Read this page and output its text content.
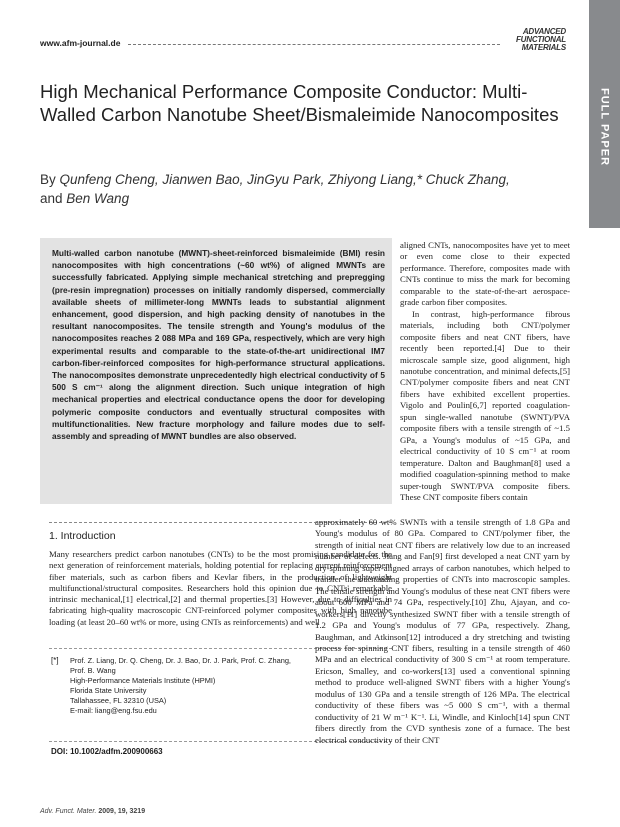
www.afm-journal.de
ADVANCED FUNCTIONAL MATERIALS
FULL PAPER
High Mechanical Performance Composite Conductor: Multi-Walled Carbon Nanotube Sheet/Bismaleimide Nanocomposites
By Qunfeng Cheng, Jianwen Bao, JinGyu Park, Zhiyong Liang,* Chuck Zhang,
and Ben Wang
Multi-walled carbon nanotube (MWNT)-sheet-reinforced bismaleimide (BMI) resin nanocomposites with high concentrations (~60 wt%) of aligned MWNTs are successfully fabricated. Applying simple mechanical stretching and prepregging (pre-resin impregnation) processes on initially randomly dispersed, commercially available sheets of millimeter-long MWNTs leads to substantial alignment enhancement, good dispersion, and high packing density of nanotubes in the resultant nanocomposites. The tensile strength and Young's modulus of the nanocomposites reaches 2 088 MPa and 169 GPa, respectively, which are very high experimental results and comparable to the state-of-the-art unidirectional IM7 carbon-fiber-reinforced composites for high-performance structural applications. The nanocomposites demonstrate unprecedentedly high electrical conductivity of 5 500 S cm⁻¹ along the alignment direction. Such unique integration of high mechanical properties and electrical conductance opens the door for developing polymeric composite conductors and eventually structural composites with multifunctionalities. New fracture morphology and failure modes due to self-assembly and spreading of MWNT bundles are also observed.
1. Introduction
Many researchers predict carbon nanotubes (CNTs) to be the most promising candidate for the next generation of reinforcement materials, holding potential for replacing current reinforcement fiber materials, such as carbon fibers and Kevlar fibers, in the production of lightweight multifunctional/structural composites. Researchers hold this opinion due to CNTs' remarkable intrinsic mechanical,[1] electrical,[2] and thermal properties.[3] However, due to difficulties in fabricating high-quality macroscopic CNT-reinforced polymer composites with high nanotube loading (at least 20–60 wt% or more, using CNTs as reinforcements) and well
[*] Prof. Z. Liang, Dr. Q. Cheng, Dr. J. Bao, Dr. J. Park, Prof. C. Zhang,
Prof. B. Wang
High-Performance Materials Institute (HPMI)
Florida State University
Tallahassee, FL 32310 (USA)
E-mail: liang@eng.fsu.edu
DOI: 10.1002/adfm.200900663

aligned CNTs, nanocomposites have yet to meet or even come close to their expected performance. Therefore, composites made with CNTs continue to miss the mark for becoming comparable to the state-of-the-art aerospace-grade carbon fiber composites.

In contrast, high-performance fibrous materials, including both CNT/polymer composite fibers and neat CNT fibers, have recently been reported.[4] Due to their microscale sample size, good alignment, high nanotube concentration, and minimal defects,[5] CNT/polymer composite fibers and neat CNT fibers have exhibited excellent properties. Vigolo and Poulin[6,7] reported coagulation-spun single-walled nanotube (SWNT)/PVA composite fibers with a tensile strength of ~1.5 GPa, a Young's modulus of ~15 GPa, and electrical conductivity of 10 S cm⁻¹ at room temperature. Dalton and Baughman[8] used a modified coagulation-spinning method to make super-tough SWNT/PVA composite fibers. These CNT composite fibers contain

approximately 60 wt% SWNTs with a tensile strength of 1.8 GPa and Young's modulus of 80 GPa. Compared to CNT/polymer fiber, the strength of initial neat CNT fibers are relatively low due to an increased number of defects. Jiang and Fan[9] first developed a neat CNT yarn by dry-spinning super-aligned arrays of carbon nanotubes, which helped to transfer the outstanding properties of CNTs into macroscopic samples. The tensile strength and Young's modulus of these neat CNT fibers were about 600 MPa and 74 GPa, respectively.[10] Zhu, Ajayan, and co-workers[11] directly synthesized SWNT fiber with a tensile strength of 1.2 GPa and Young's modulus of 77 GPa, respectively. Zhang, Baughman, and Atkinson[12] introduced a dry stretching and twisting process for spinning CNT fibers, resulting in a tensile strength of 460 MPa and an electrical conductivity of 300 S cm⁻¹ at room temperature. Ericson, Smalley, and co-workers[13] used a conventional spinning method to produce well-aligned SWNT fibers with a higher Young's modulus of 130 GPa and a tensile strength of 126 MPa. The electrical conductivity of these fibers was ~5 000 S cm⁻¹, with a thermal conductivity of 21 W m⁻¹ K⁻¹. Li, Windle, and Kinloch[14] spun CNT fibers directly from the CVD synthesis zone of a furnace. The best electrical conductivity of their CNT
Adv. Funct. Mater. 2009, 19, 3219
